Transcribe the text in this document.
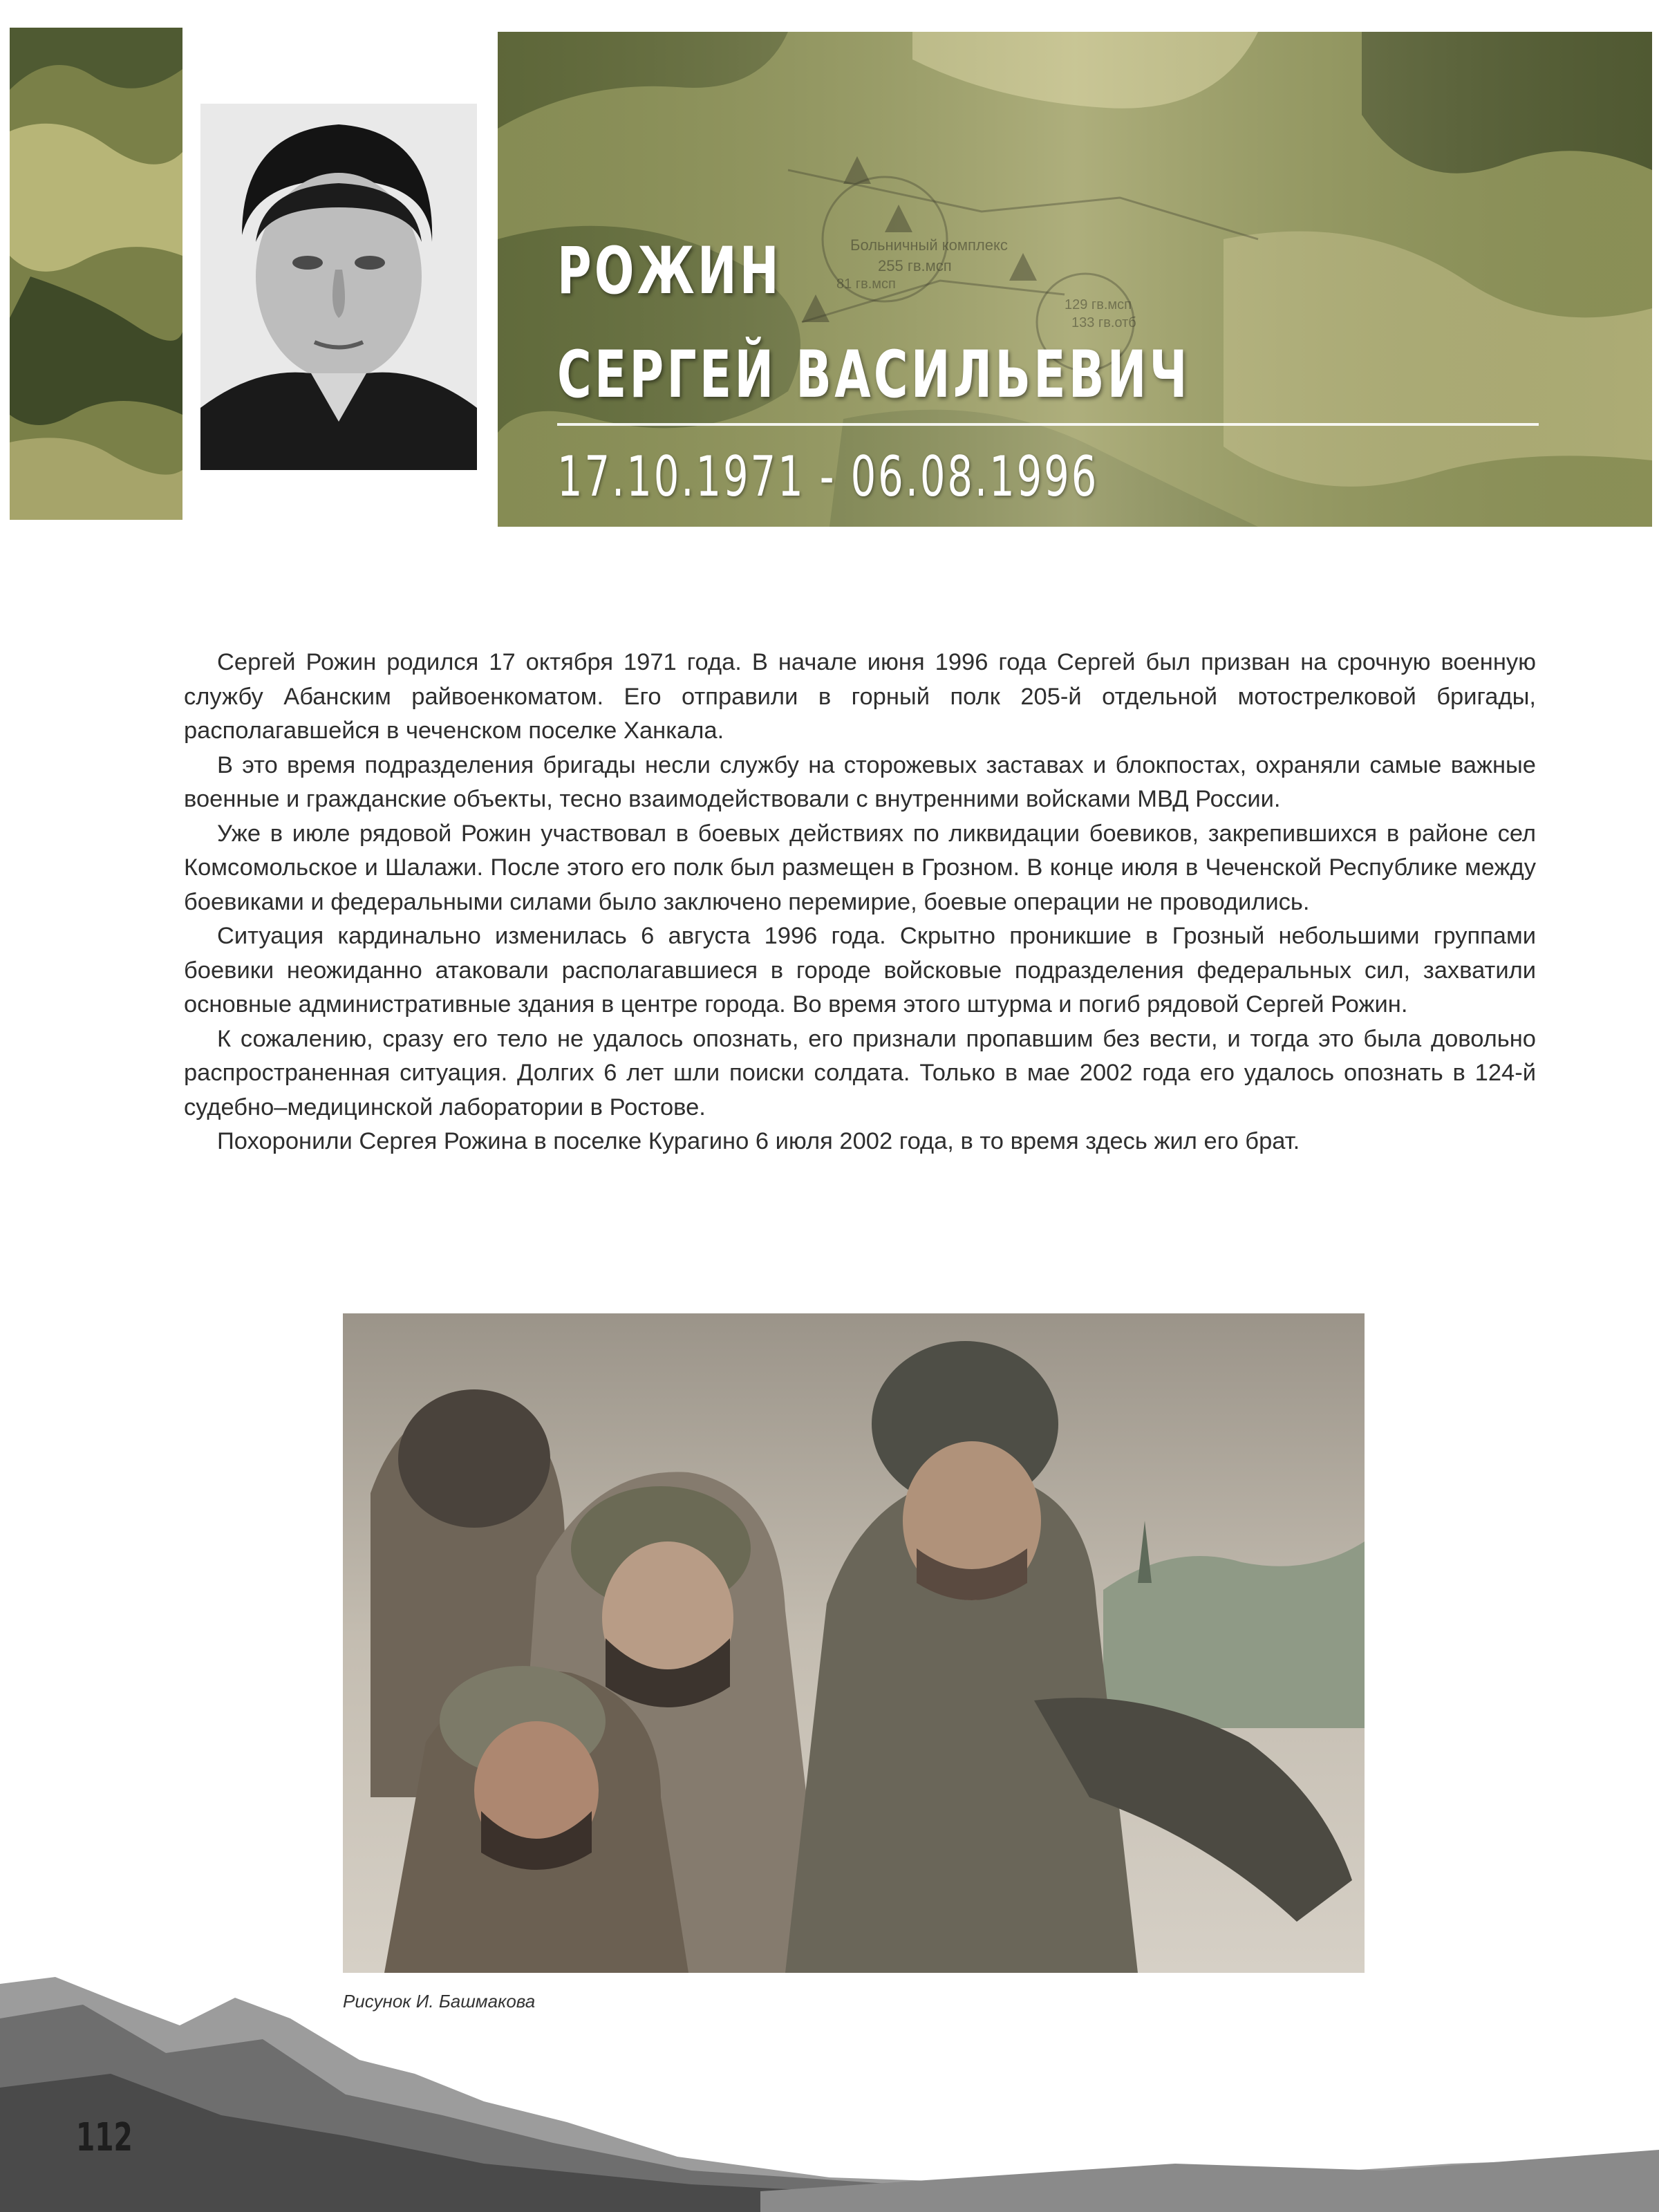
Больничный комплекс
255 гв.мсп
81 гв.мсп
129 гв.мсп
133 гв.отб
РОЖИН
СЕРГЕЙ ВАСИЛЬЕВИЧ
17.10.1971 - 06.08.1996

Сергей Рожин родился 17 октября 1971 года. В начале июня 1996 года Сергей был призван на срочную военную службу Абанским райвоенкоматом. Его отправили в горный полк 205-й отдельной мотострелковой бригады, располагавшейся в чеченском поселке Ханкала.

В это время подразделения бригады несли службу на сторожевых заставах и блокпостах, охраняли самые важные военные и гражданские объекты, тесно взаимодействовали с внутренними войсками МВД России.

Уже в июле рядовой Рожин участвовал в боевых действиях по ликвидации боевиков, закрепившихся в районе сел Комсомольское и Шалажи. После этого его полк был размещен в Грозном. В конце июля в Чеченской Республике между боевиками и федеральными силами было заключено перемирие, боевые операции не проводились.

Ситуация кардинально изменилась 6 августа 1996 года. Скрытно проникшие в Грозный небольшими группами боевики неожиданно атаковали располагавшиеся в городе войсковые подразделения федеральных сил, захватили основные административные здания в центре города. Во время этого штурма и погиб рядовой Сергей Рожин.

К сожалению, сразу его тело не удалось опознать, его признали пропавшим без вести, и тогда это была довольно распространенная ситуация. Долгих 6 лет шли поиски солдата. Только в мае 2002 года его удалось опознать в 124-й судебно–медицинской лаборатории в Ростове.

Похоронили Сергея Рожина в поселке Курагино 6 июля 2002 года, в то время здесь жил его брат.

Рисунок И. Башмакова
112
